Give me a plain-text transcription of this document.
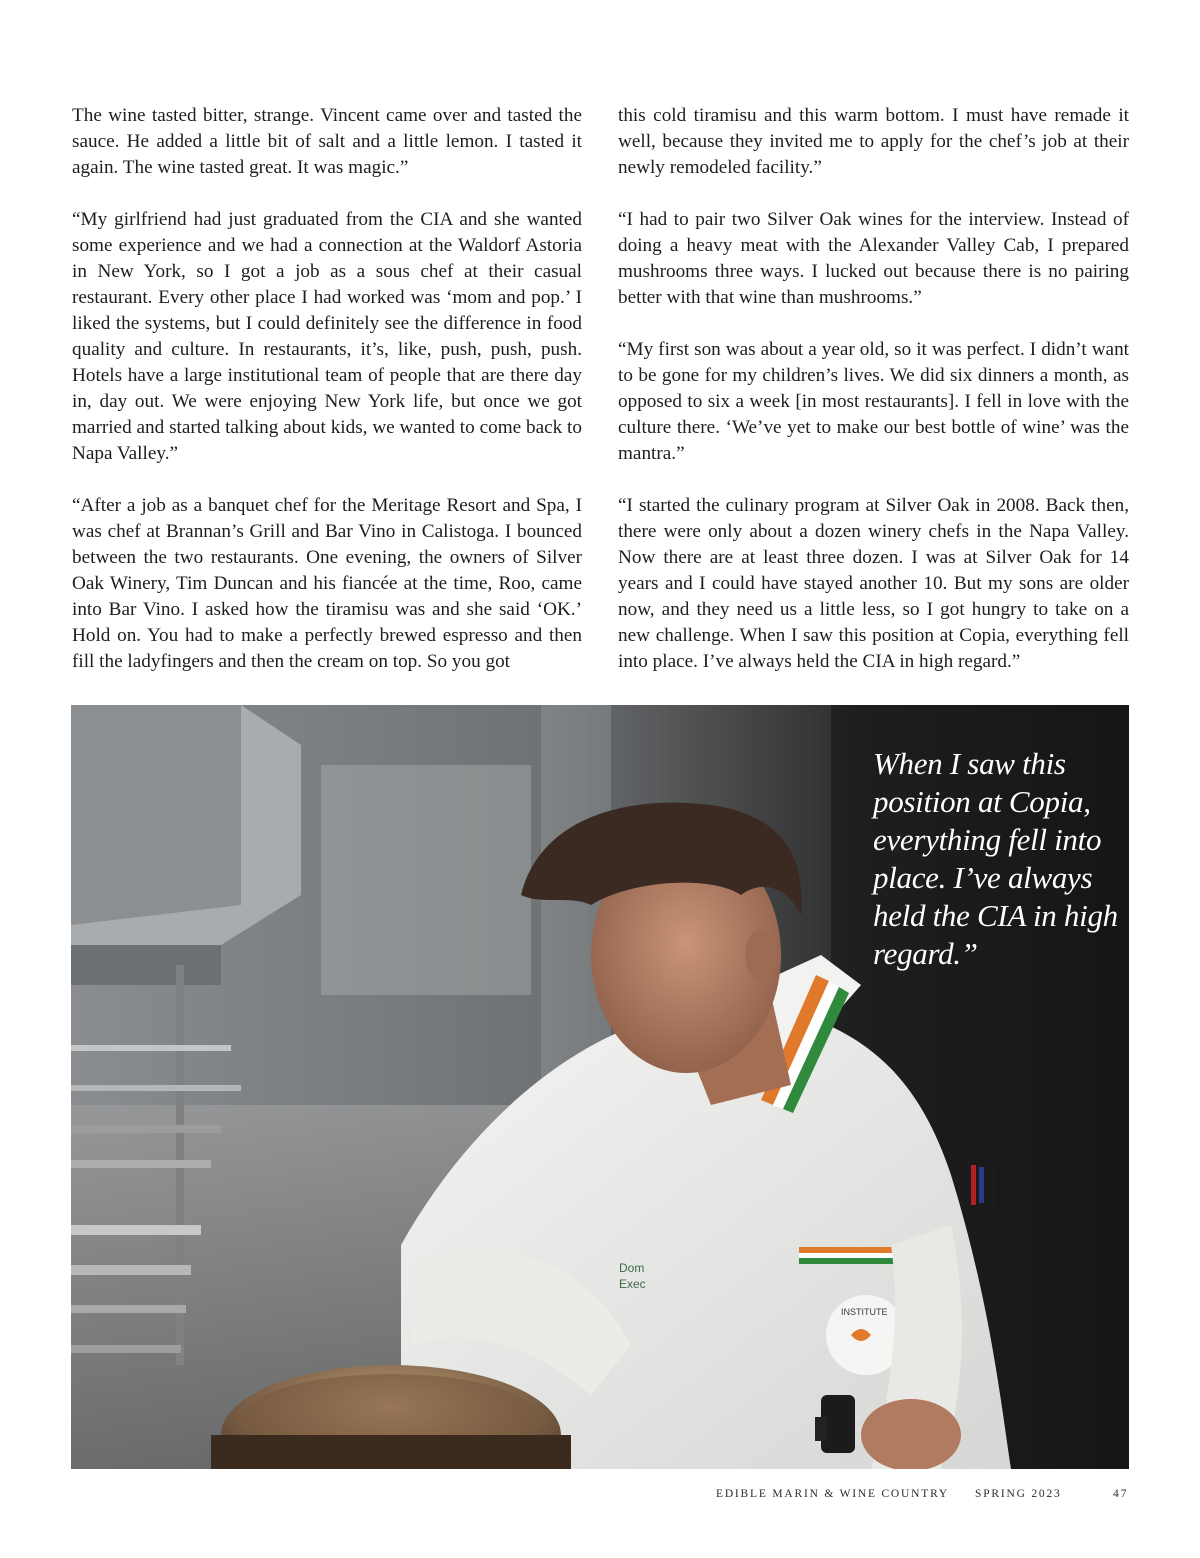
The wine tasted bitter, strange. Vincent came over and tasted the sauce. He added a little bit of salt and a little lemon. I tasted it again. The wine tasted great. It was magic.”

“My girlfriend had just graduated from the CIA and she wanted some experience and we had a connection at the Waldorf Astoria in New York, so I got a job as a sous chef at their casual restaurant. Every other place I had worked was ‘mom and pop.’ I liked the systems, but I could definitely see the difference in food quality and culture. In restaurants, it’s, like, push, push, push. Hotels have a large institutional team of people that are there day in, day out. We were enjoying New York life, but once we got married and started talking about kids, we wanted to come back to Napa Valley.”

“After a job as a banquet chef for the Meritage Resort and Spa, I was chef at Brannan’s Grill and Bar Vino in Calistoga. I bounced between the two restaurants. One evening, the owners of Silver Oak Winery, Tim Duncan and his fiancée at the time, Roo, came into Bar Vino. I asked how the tiramisu was and she said ‘OK.’ Hold on. You had to make a perfectly brewed espresso and then fill the ladyfingers and then the cream on top. So you got

this cold tiramisu and this warm bottom. I must have remade it well, because they invited me to apply for the chef’s job at their newly remodeled facility.”

“I had to pair two Silver Oak wines for the interview. Instead of doing a heavy meat with the Alexander Valley Cab, I prepared mushrooms three ways. I lucked out because there is no pairing better with that wine than mushrooms.”

“My first son was about a year old, so it was perfect. I didn’t want to be gone for my children’s lives. We did six dinners a month, as opposed to six a week [in most restaurants]. I fell in love with the culture there. ‘We’ve yet to make our best bottle of wine’ was the mantra.”

“I started the culinary program at Silver Oak in 2008. Back then, there were only about a dozen winery chefs in the Napa Valley. Now there are at least three dozen. I was at Silver Oak for 14 years and I could have stayed another 10. But my sons are older now, and they need us a little less, so I got hungry to take on a new challenge. When I saw this position at Copia, everything fell into place. I’ve always held the CIA in high regard.”

INSTITUTE
Dom
Exec
When I saw this position at Copia, everything fell into place. I’ve always held the CIA in high regard.”
EDIBLE MARIN & WINE COUNTRY SPRING 2023	47
